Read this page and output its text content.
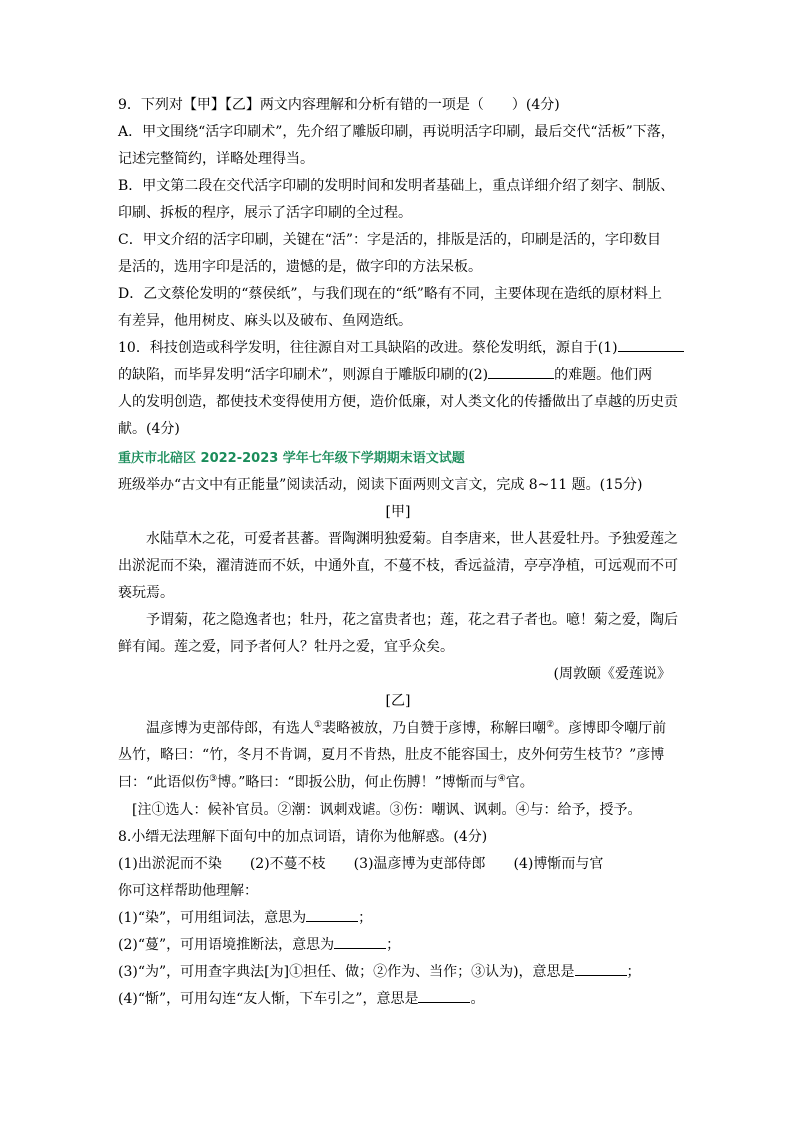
9．下列对【甲】【乙】两文内容理解和分析有错的一项是（　　）(4分)
A．甲文围绕“活字印刷术”，先介绍了雕版印刷，再说明活字印刷，最后交代“活板”下落，
记述完整简约，详略处理得当。
B．甲文第二段在交代活字印刷的发明时间和发明者基础上，重点详细介绍了刻字、制版、
印刷、拆板的程序，展示了活字印刷的全过程。
C．甲文介绍的活字印刷，关键在“活”：字是活的，排版是活的，印刷是活的，字印数目
是活的，选用字印是活的，遗憾的是，做字印的方法呆板。
D．乙文蔡伦发明的“蔡侯纸”，与我们现在的“纸”略有不同，主要体现在造纸的原材料上
有差异，他用树皮、麻头以及破布、鱼网造纸。
10．科技创造或科学发明，往往源自对工具缺陷的改进。蔡伦发明纸，源自于(1)
的缺陷，而毕昇发明“活字印刷术”，则源自于雕版印刷的(2)	的难题。他们两
人的发明创造，都使技术变得使用方便，造价低廉，对人类文化的传播做出了卓越的历史贡
献。(4分)
重庆市北碚区 2022-2023 学年七年级下学期期末语文试题
班级举办“古文中有正能量”阅读活动，阅读下面两则文言文，完成 8~11 题。(15分)
[甲]
水陆草木之花，可爱者甚蕃。晋陶渊明独爱菊。自李唐来，世人甚爱牡丹。予独爱莲之
出淤泥而不染，濯清涟而不妖，中通外直，不蔓不枝，香远益清，亭亭净植，可远观而不可
亵玩焉。
予谓菊，花之隐逸者也；牡丹，花之富贵者也；莲，花之君子者也。噫！菊之爱，陶后
鲜有闻。莲之爱，同予者何人？牡丹之爱，宜乎众矣。
(周敦颐《爱莲说》
[乙]
温彦博为吏部侍郎，有选人①裴略被放，乃自赞于彦博，称解曰嘲②。彦博即令嘲厅前
丛竹，略曰：“竹，冬月不肯调，夏月不肯热，肚皮不能容国士，皮外何劳生枝节？”彦博
曰：“此语似伤③博。”略曰：“即扳公肋，何止伤膊！”博惭而与④官。
[注①选人：候补官员。②潮：讽刺戏谑。③伤：嘲讽、讽刺。④与：给予，授予。
8.小缙无法理解下面句中的加点词语，请你为他解惑。(4分)
(1)出淤泥而不染　　(2)不蔓不枝　　(3)温彦博为吏部侍郎　　(4)博惭而与官
你可这样帮助他理解：
(1)“染”，可用组词法，意思为	；
(2)“蔓”，可用语境推断法，意思为	；
(3)“为”，可用查字典法[为]①担任、做；②作为、当作；③认为)，意思是	；
(4)“惭”，可用勾连“友人惭，下车引之”，意思是	。
